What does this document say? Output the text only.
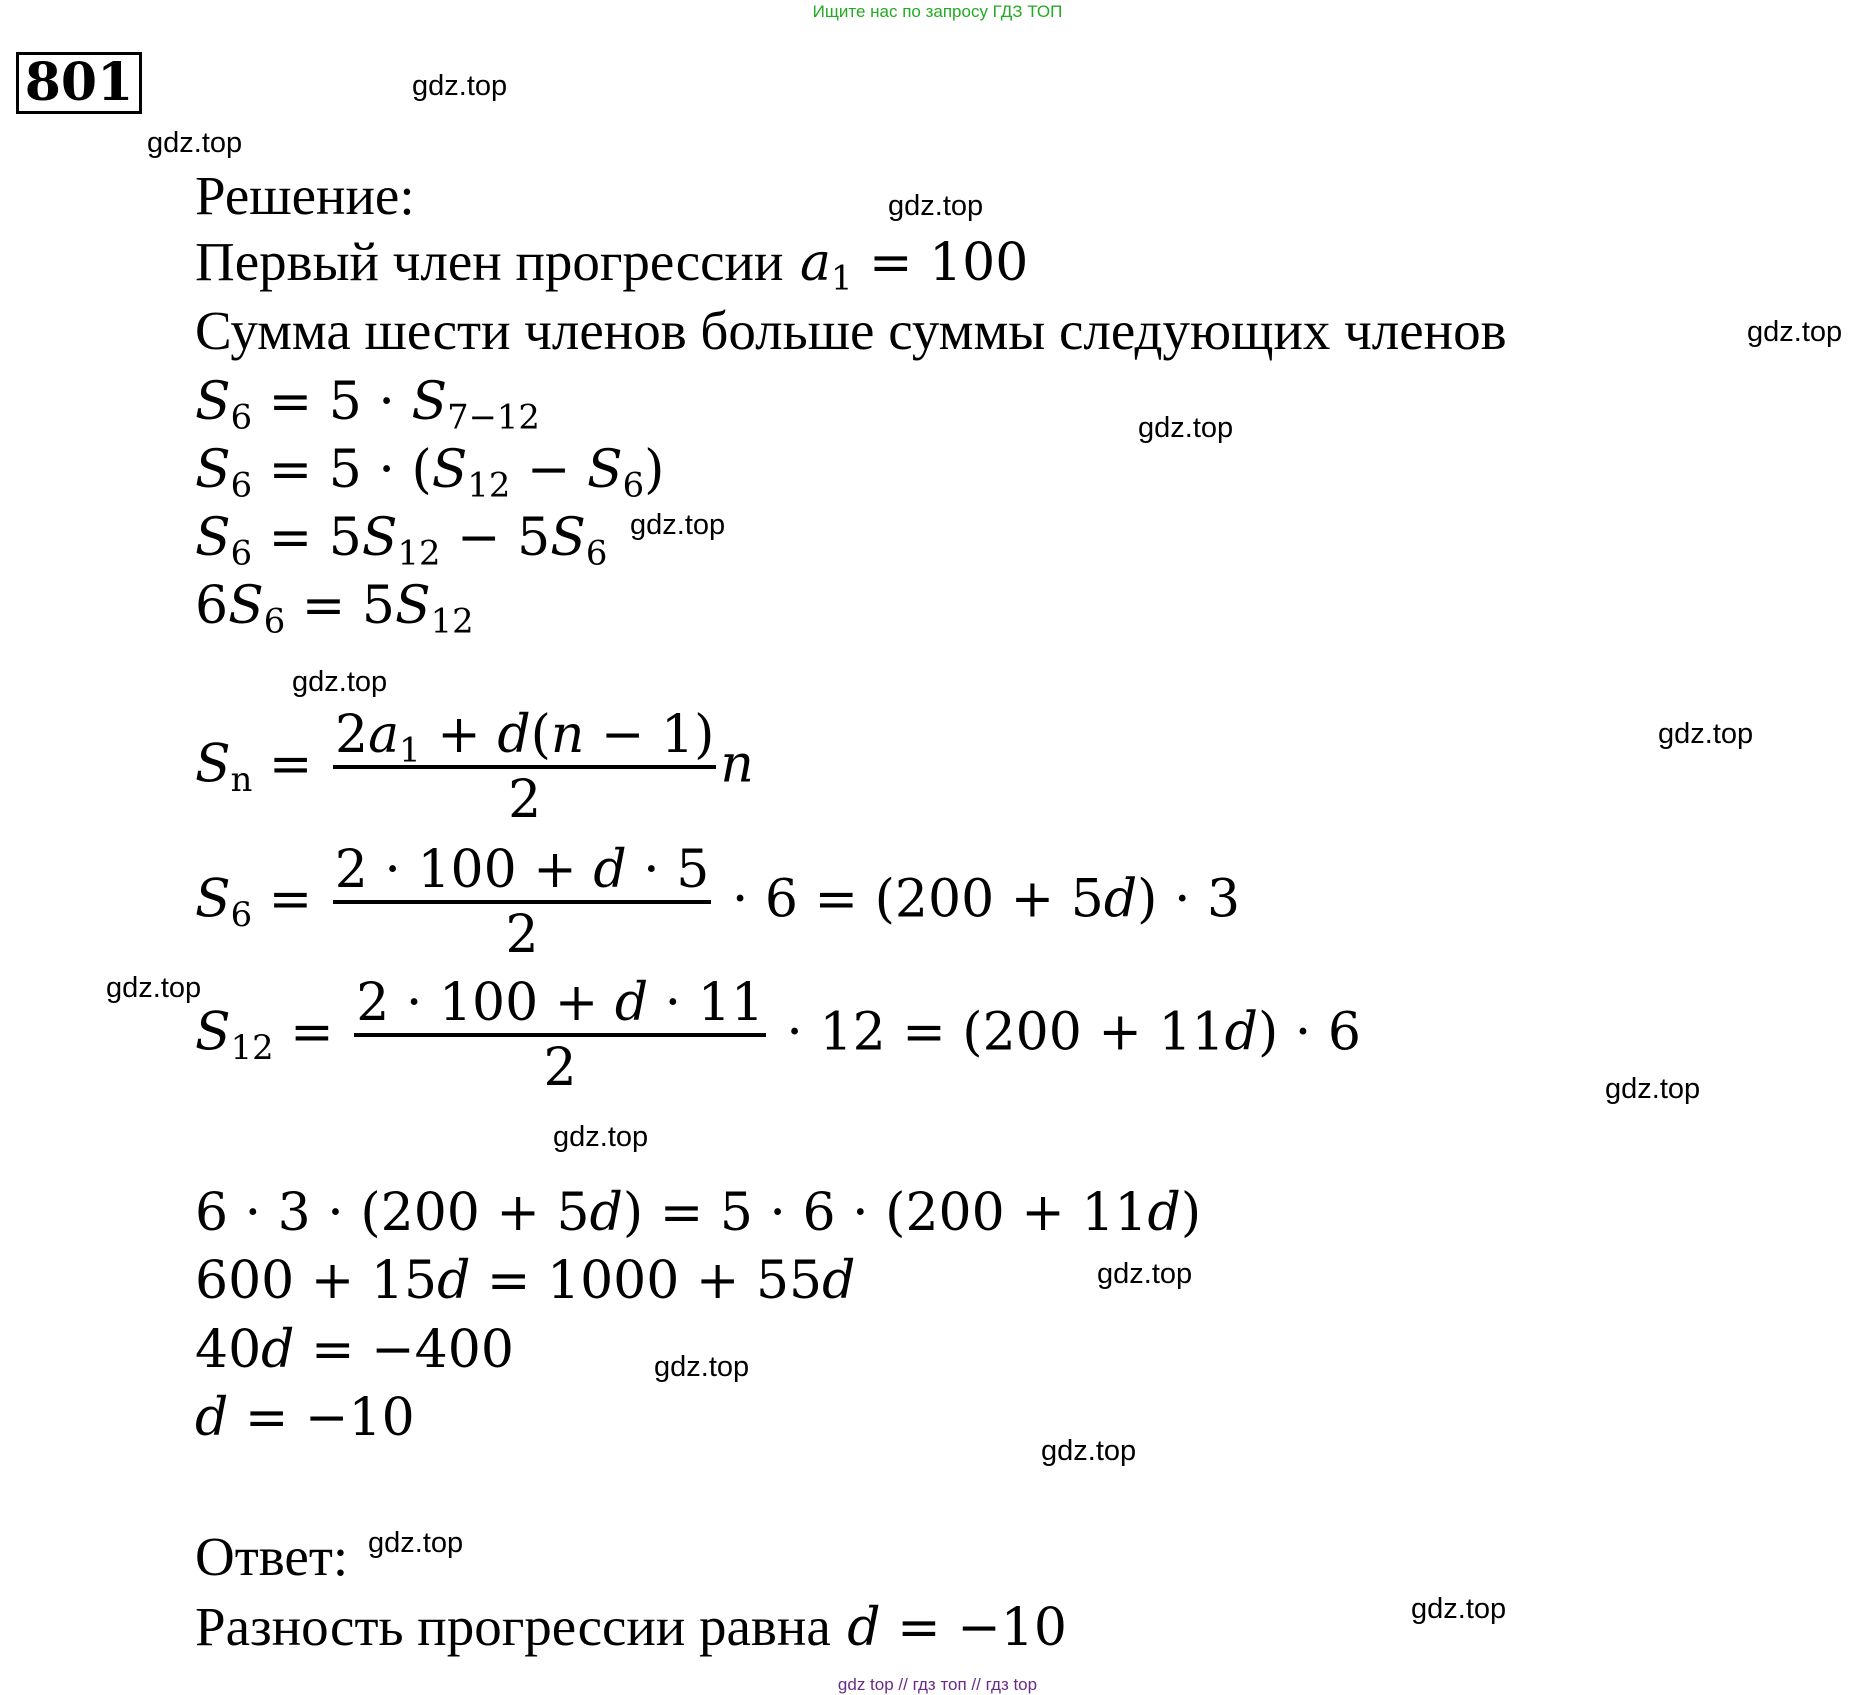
Ищите нас по запросу ГДЗ ТОП
801	gdz.top
gdz.top
gdz.top
gdz.top
gdz.top
gdz.top
gdz.top
gdz.top
gdz.top
gdz.top
gdz.top
gdz.top
gdz.top
gdz.top
gdz.top
gdz.top
Решение:
Первый член прогрессии $a_1 = 100$
Сумма шести членов больше суммы следующих членов
$S_6 = 5 \cdot S_{7-12}$
$S_6 = 5 \cdot (S_{12} - S_6)$
$S_6 = 5S_{12} - 5S_6$
$6S_6 = 5S_{12}$
$S_n = \frac{2a_1 + d(n - 1)}{2}$ n
$S_6 = \frac{2 \cdot 100 + d \cdot 5}{2} \cdot 6 = (200 + 5d) \cdot 3$
$S_{12} = \frac{2 \cdot 100 + d \cdot 11}{2} \cdot 12 = (200 + 11d) \cdot 6$
6 · 3 · (200 + 5d) = 5 · 6 · (200 + 11d)
600 + 15d = 1000 + 55d
40d = −400
d = −10
Ответ:
Разность прогрессии равна d = −10
gdz top // гдз топ // гдз top
